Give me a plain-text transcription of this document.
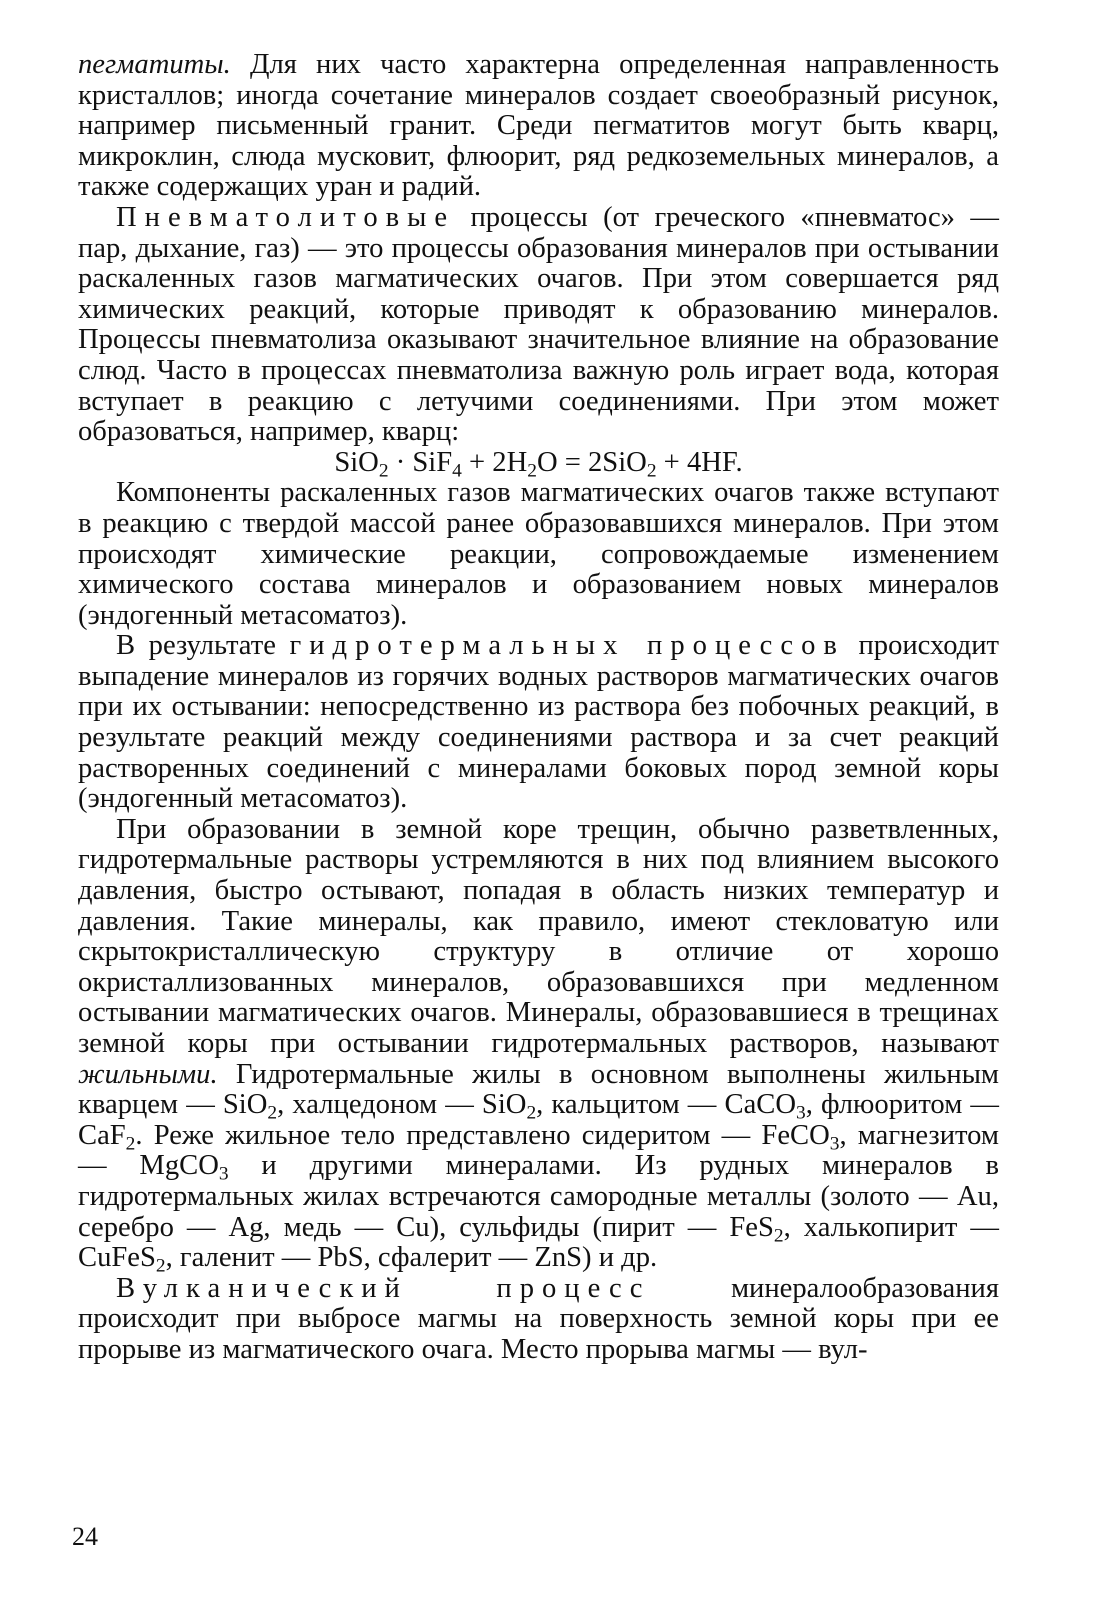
пегматиты. Для них часто характерна определенная направленность кристаллов; иногда сочетание минералов создает своеобразный рисунок, например письменный гранит. Среди пегматитов могут быть кварц, микроклин, слюда мусковит, флюорит, ряд редкоземельных минералов, а также содержащих уран и радий.

Пневматолитовые процессы (от греческого «пневматос» — пар, дыхание, газ) — это процессы образования минералов при остывании раскаленных газов магматических очагов. При этом совершается ряд химических реакций, которые приводят к образованию минералов. Процессы пневматолиза оказывают значительное влияние на образование слюд. Часто в процессах пневматолиза важную роль играет вода, которая вступает в реакцию с летучими соединениями. При этом может образоваться, например, кварц:

$SiO_2 \cdot SiF_4 + 2H_2O = 2SiO_2 + 4HF$.

Компоненты раскаленных газов магматических очагов также вступают в реакцию с твердой массой ранее образовавшихся минералов. При этом происходят химические реакции, сопровождаемые изменением химического состава минералов и образованием новых минералов (эндогенный метасоматоз).

В результате гидротермальных процессов происходит выпадение минералов из горячих водных растворов магматических очагов при их остывании: непосредственно из раствора без побочных реакций, в результате реакций между соединениями раствора и за счет реакций растворенных соединений с минералами боковых пород земной коры (эндогенный метасоматоз).

При образовании в земной коре трещин, обычно разветвленных, гидротермальные растворы устремляются в них под влиянием высокого давления, быстро остывают, попадая в область низких температур и давления. Такие минералы, как правило, имеют стекловатую или скрытокристаллическую структуру в отличие от хорошо окристаллизованных минералов, образовавшихся при медленном остывании магматических очагов. Минералы, образовавшиеся в трещинах земной коры при остывании гидротермальных растворов, называют жильными. Гидротермальные жилы в основном выполнены жильным кварцем — SiO$_2$, халцедоном — SiO$_2$, кальцитом — CaCO$_3$, флюоритом — CaF$_2$. Реже жильное тело представлено сидеритом — FeCO$_3$, магнезитом — MgCO$_3$ и другими минералами. Из рудных минералов в гидротермальных жилах встречаются самородные металлы (золото — Au, серебро — Ag, медь — Cu), сульфиды (пирит — FeS$_2$, халькопирит — CuFeS$_2$, галенит — PbS, сфалерит — ZnS) и др.

Вулканический процесс минералообразования происходит при выбросе магмы на поверхность земной коры при ее прорыве из магматического очага. Место прорыва магмы — вул-

24
